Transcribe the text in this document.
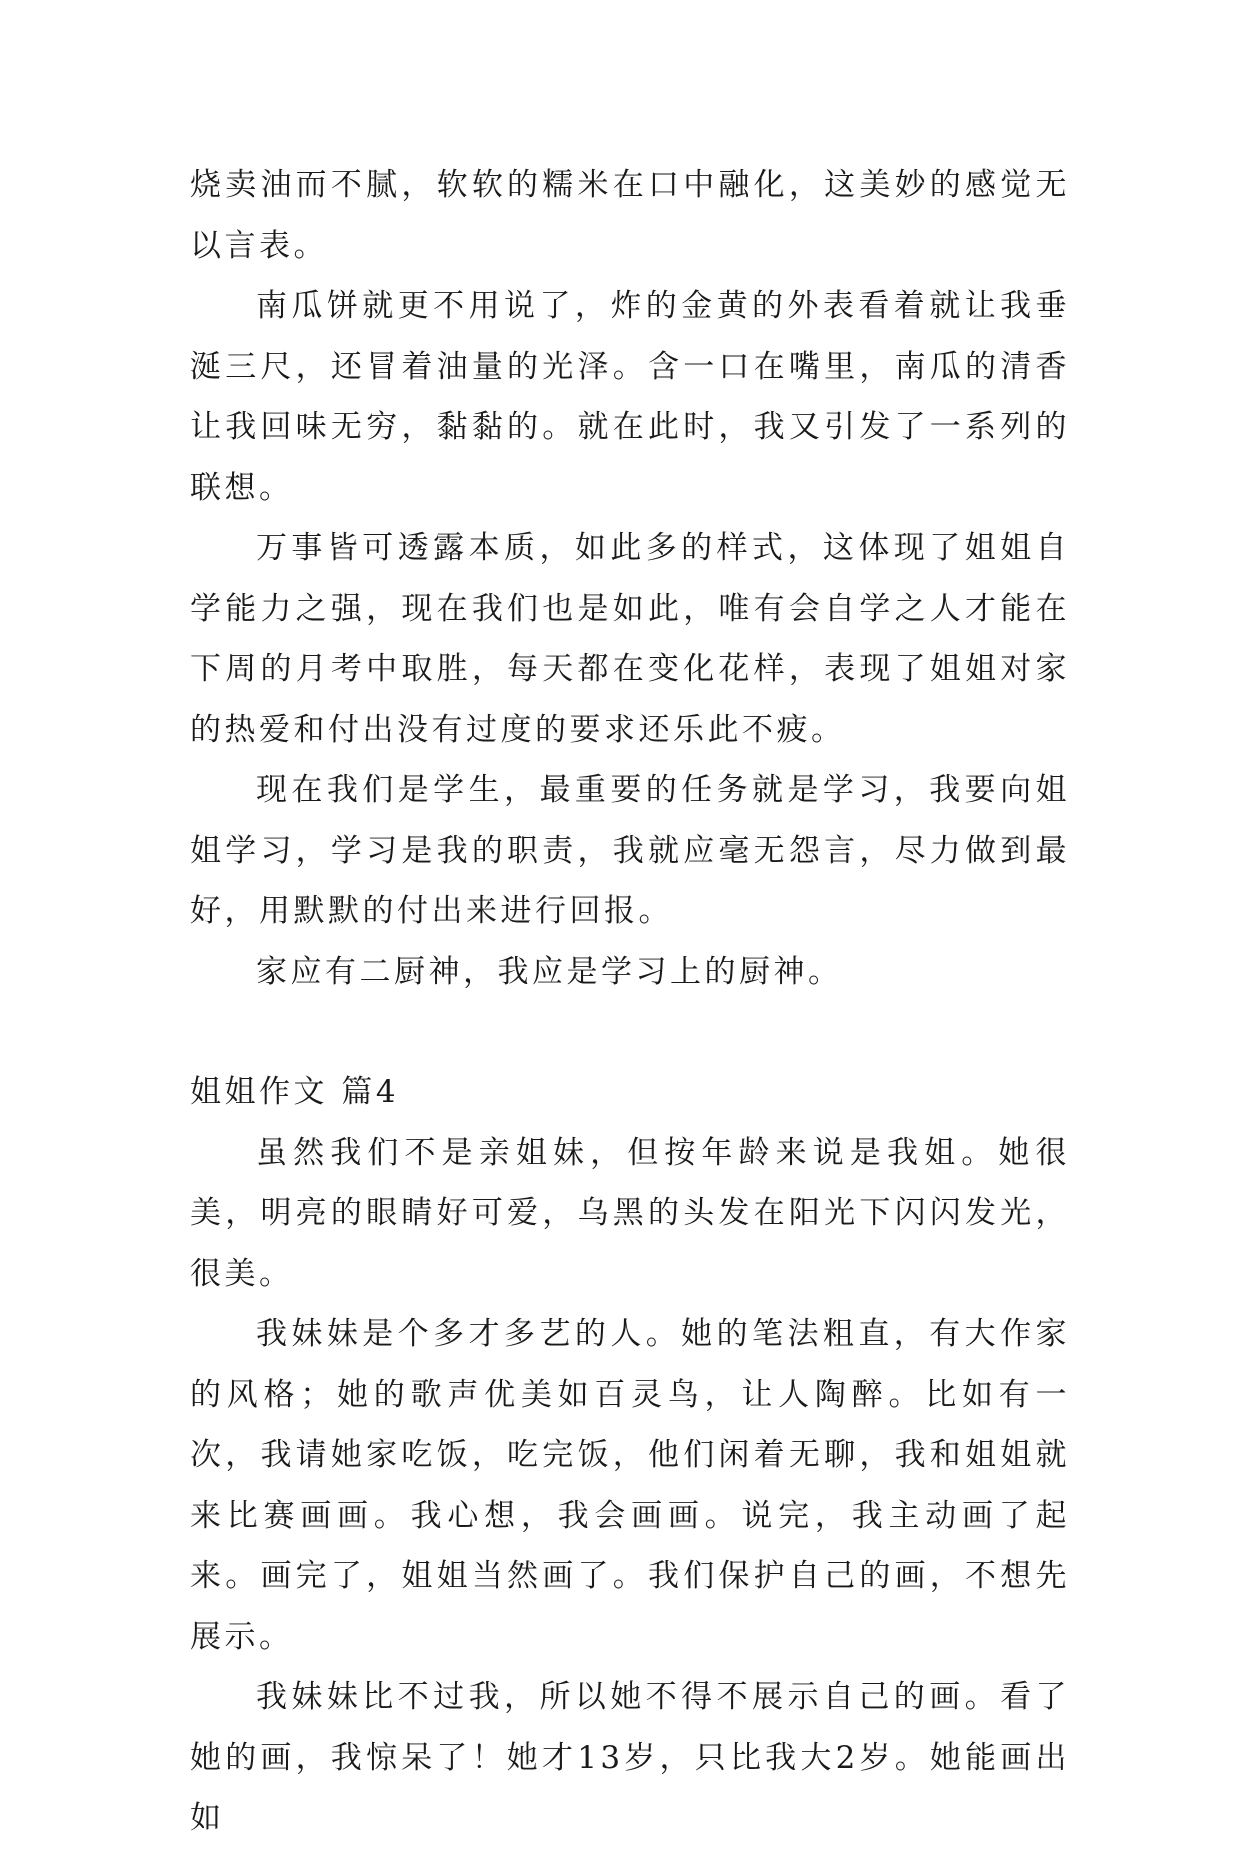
烧卖油而不腻，软软的糯米在口中融化，这美妙的感觉无以言表。

南瓜饼就更不用说了，炸的金黄的外表看着就让我垂涎三尺，还冒着油量的光泽。含一口在嘴里，南瓜的清香让我回味无穷，黏黏的。就在此时，我又引发了一系列的联想。

万事皆可透露本质，如此多的样式，这体现了姐姐自学能力之强，现在我们也是如此，唯有会自学之人才能在下周的月考中取胜，每天都在变化花样，表现了姐姐对家的热爱和付出没有过度的要求还乐此不疲。

现在我们是学生，最重要的任务就是学习，我要向姐姐学习，学习是我的职责，我就应毫无怨言，尽力做到最好，用默默的付出来进行回报。

家应有二厨神，我应是学习上的厨神。

姐姐作文 篇4

虽然我们不是亲姐妹，但按年龄来说是我姐。她很美，明亮的眼睛好可爱，乌黑的头发在阳光下闪闪发光，很美。

我妹妹是个多才多艺的人。她的笔法粗直，有大作家的风格；她的歌声优美如百灵鸟，让人陶醉。比如有一次，我请她家吃饭，吃完饭，他们闲着无聊，我和姐姐就来比赛画画。我心想，我会画画。说完，我主动画了起来。画完了，姐姐当然画了。我们保护自己的画，不想先展示。

我妹妹比不过我，所以她不得不展示自己的画。看了她的画，我惊呆了！她才13岁，只比我大2岁。她能画出如
